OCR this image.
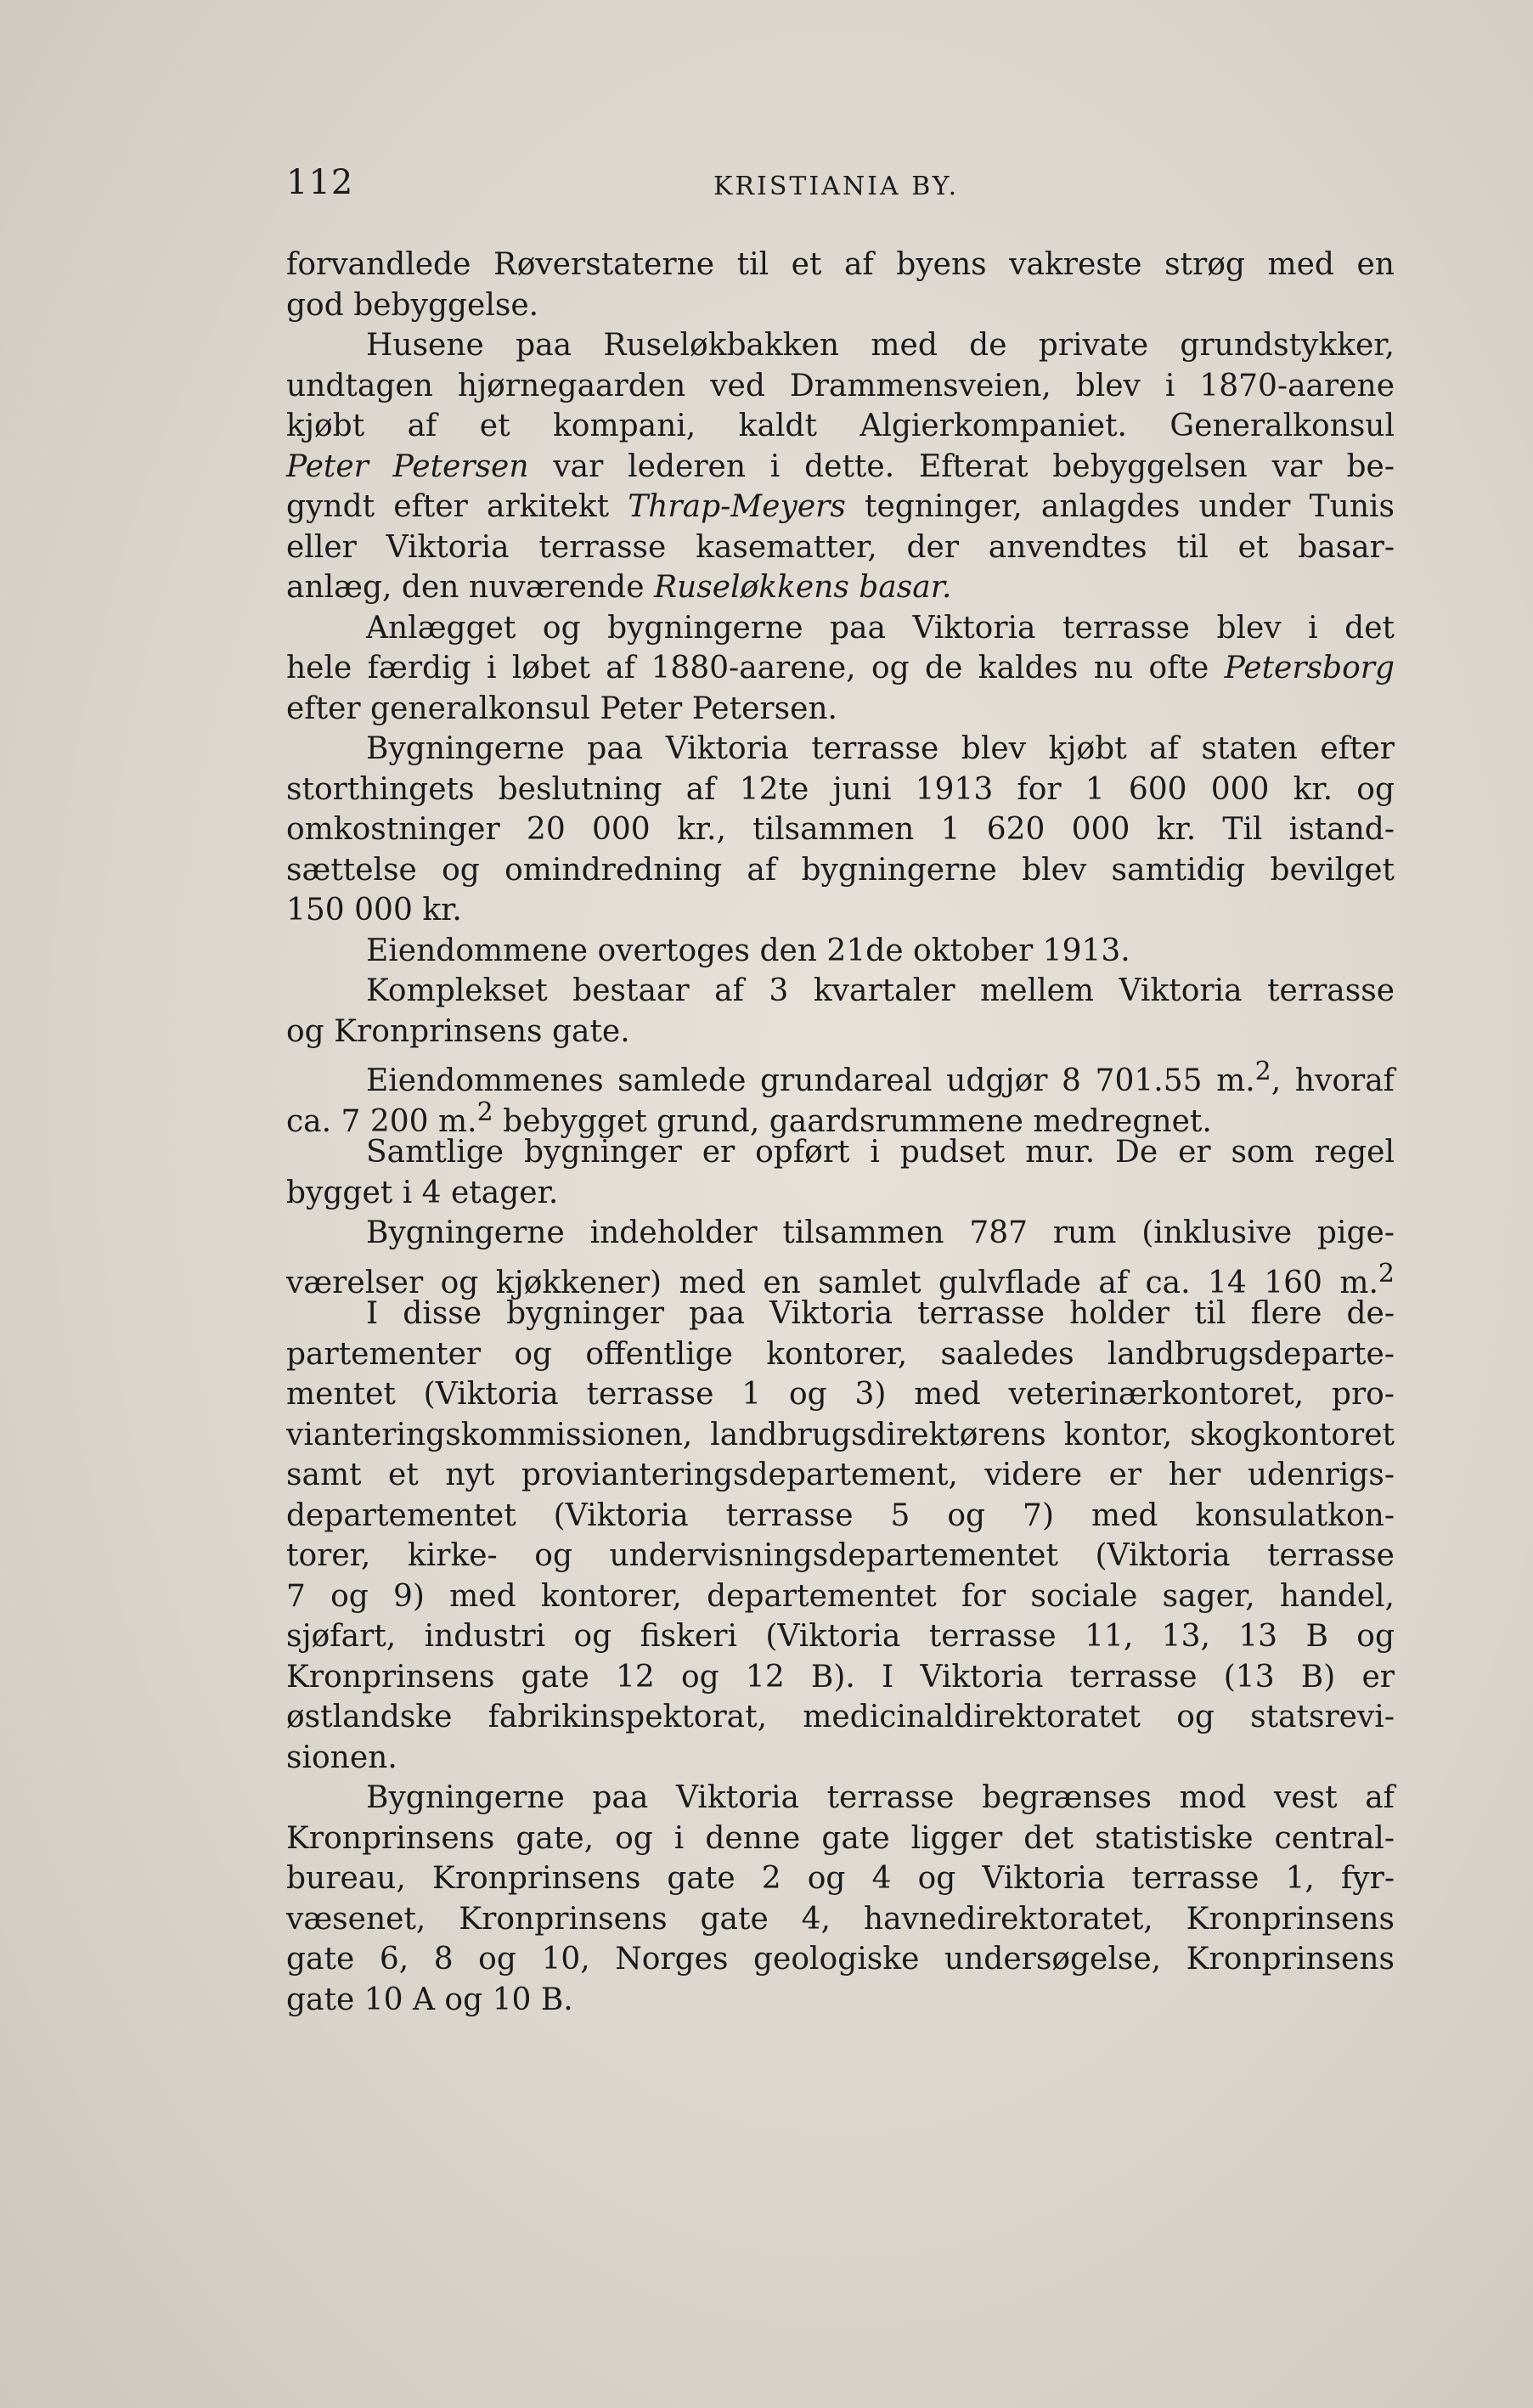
112	KRISTIANIA BY.
forvandlede Røverstaterne til et af byens vakreste strøg med en
god bebyggelse.
Husene paa Ruseløkbakken med de private grundstykker,
undtagen hjørnegaarden ved Drammensveien, blev i 1870-aarene
kjøbt af et kompani, kaldt Algierkompaniet. Generalkonsul
Peter Petersen var lederen i dette. Efterat bebyggelsen var be-
gyndt efter arkitekt Thrap-Meyers tegninger, anlagdes under Tunis
eller Viktoria terrasse kasematter, der anvendtes til et basar-
anlæg, den nuværende Ruseløkkens basar.
Anlægget og bygningerne paa Viktoria terrasse blev i det
hele færdig i løbet af 1880-aarene, og de kaldes nu ofte Petersborg
efter generalkonsul Peter Petersen.
Bygningerne paa Viktoria terrasse blev kjøbt af staten efter
storthingets beslutning af 12te juni 1913 for 1 600 000 kr. og
omkostninger 20 000 kr., tilsammen 1 620 000 kr. Til istand-
sættelse og omindredning af bygningerne blev samtidig bevilget
150 000 kr.
Eiendommene overtoges den 21de oktober 1913.
Komplekset bestaar af 3 kvartaler mellem Viktoria terrasse
og Kronprinsens gate.
Eiendommenes samlede grundareal udgjør 8 701.55 m.$^2$, hvoraf
ca. 7 200 m.$^2$ bebygget grund, gaardsrummene medregnet.
Samtlige bygninger er opført i pudset mur. De er som regel
bygget i 4 etager.
Bygningerne indeholder tilsammen 787 rum (inklusive pige-
værelser og kjøkkener) med en samlet gulvflade af ca. 14 160 m.$^2$
I disse bygninger paa Viktoria terrasse holder til flere de-
partementer og offentlige kontorer, saaledes landbrugsdeparte-
mentet (Viktoria terrasse 1 og 3) med veterinærkontoret, pro-
vianteringskommissionen, landbrugsdirektørens kontor, skogkontoret
samt et nyt provianteringsdepartement, videre er her udenrigs-
departementet (Viktoria terrasse 5 og 7) med konsulatkon-
torer, kirke- og undervisningsdepartementet (Viktoria terrasse
7 og 9) med kontorer, departementet for sociale sager, handel,
sjøfart, industri og fiskeri (Viktoria terrasse 11, 13, 13 B og
Kronprinsens gate 12 og 12 B). I Viktoria terrasse (13 B) er
østlandske fabrikinspektorat, medicinaldirektoratet og statsrevi-
sionen.
Bygningerne paa Viktoria terrasse begrænses mod vest af
Kronprinsens gate, og i denne gate ligger det statistiske central-
bureau, Kronprinsens gate 2 og 4 og Viktoria terrasse 1, fyr-
væsenet, Kronprinsens gate 4, havnedirektoratet, Kronprinsens
gate 6, 8 og 10, Norges geologiske undersøgelse, Kronprinsens
gate 10 A og 10 B.
